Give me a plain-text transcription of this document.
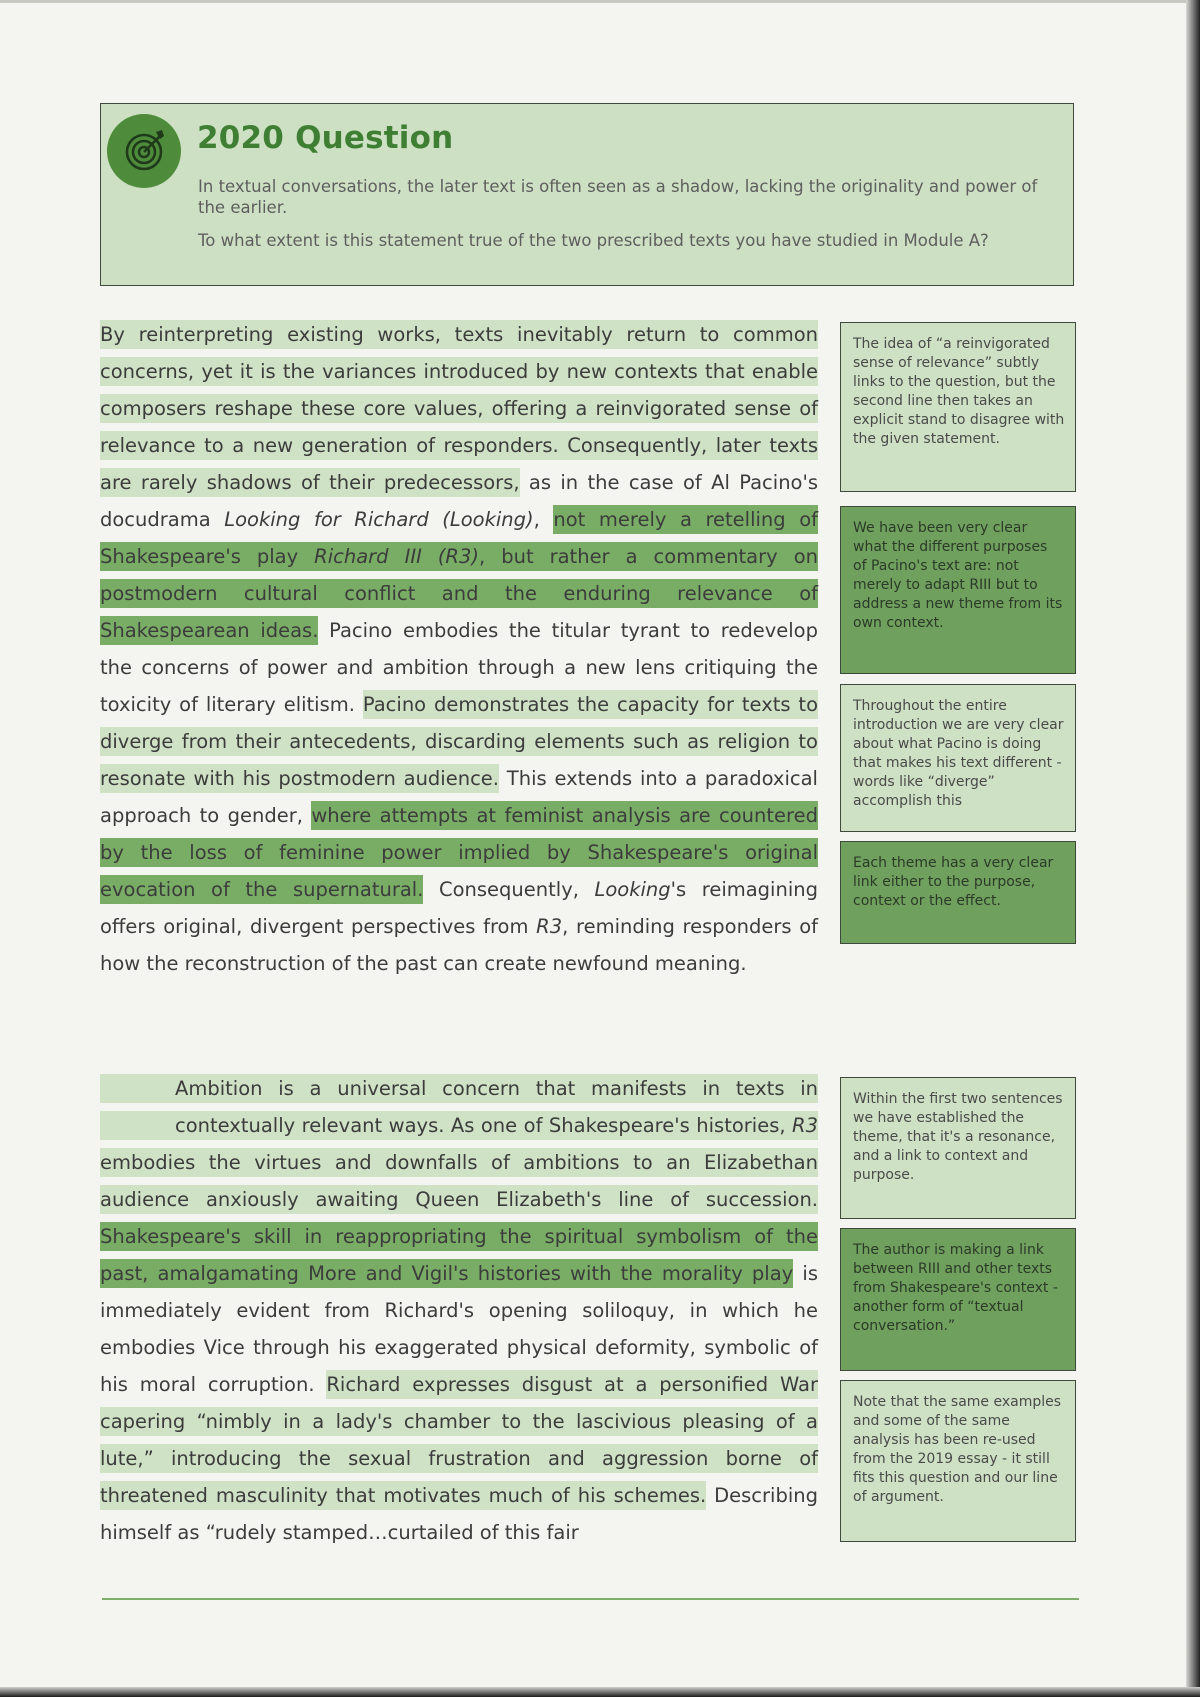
2020 Question
In textual conversations, the later text is often seen as a shadow, lacking the originality and power of the earlier.
To what extent is this statement true of the two prescribed texts you have studied in Module A?
By reinterpreting existing works, texts inevitably return to common concerns, yet it is the variances introduced by new contexts that enable composers reshape these core values, offering a reinvigorated sense of relevance to a new generation of responders. Consequently, later texts are rarely shadows of their predecessors, as in the case of Al Pacino's docudrama Looking for Richard (Looking), not merely a retelling of Shakespeare's play Richard III (R3), but rather a commentary on postmodern cultural conflict and the enduring relevance of Shakespearean ideas. Pacino embodies the titular tyrant to redevelop the concerns of power and ambition through a new lens critiquing the toxicity of literary elitism. Pacino demonstrates the capacity for texts to diverge from their antecedents, discarding elements such as religion to resonate with his postmodern audience. This extends into a paradoxical approach to gender, where attempts at feminist analysis are countered by the loss of feminine power implied by Shakespeare's original evocation of the supernatural. Consequently, Looking's reimagining offers original, divergent perspectives from R3, reminding responders of how the reconstruction of the past can create newfound meaning.
Ambition is a universal concern that manifests in texts in contextually relevant ways. As one of Shakespeare's histories, R3 embodies the virtues and downfalls of ambitions to an Elizabethan audience anxiously awaiting Queen Elizabeth's line of succession. Shakespeare's skill in reappropriating the spiritual symbolism of the past, amalgamating More and Vigil's histories with the morality play is immediately evident from Richard's opening soliloquy, in which he embodies Vice through his exaggerated physical deformity, symbolic of his moral corruption. Richard expresses disgust at a personified War capering “nimbly in a lady's chamber to the lascivious pleasing of a lute,” introducing the sexual frustration and aggression borne of threatened masculinity that motivates much of his schemes. Describing himself as “rudely stamped…curtailed of this fair
The idea of “a reinvigorated sense of relevance” subtly links to the question, but the second line then takes an explicit stand to disagree with the given statement.
We have been very clear what the different purposes of Pacino's text are: not merely to adapt RIII but to address a new theme from its own context.
Throughout the entire introduction we are very clear about what Pacino is doing that makes his text different - words like “diverge” accomplish this
Each theme has a very clear link either to the purpose, context or the effect.
Within the first two sentences we have established the theme, that it's a resonance, and a link to context and purpose.
The author is making a link between RIII and other texts from Shakespeare's context - another form of “textual conversation.”
Note that the same examples and some of the same analysis has been re-used from the 2019 essay - it still fits this question and our line of argument.
